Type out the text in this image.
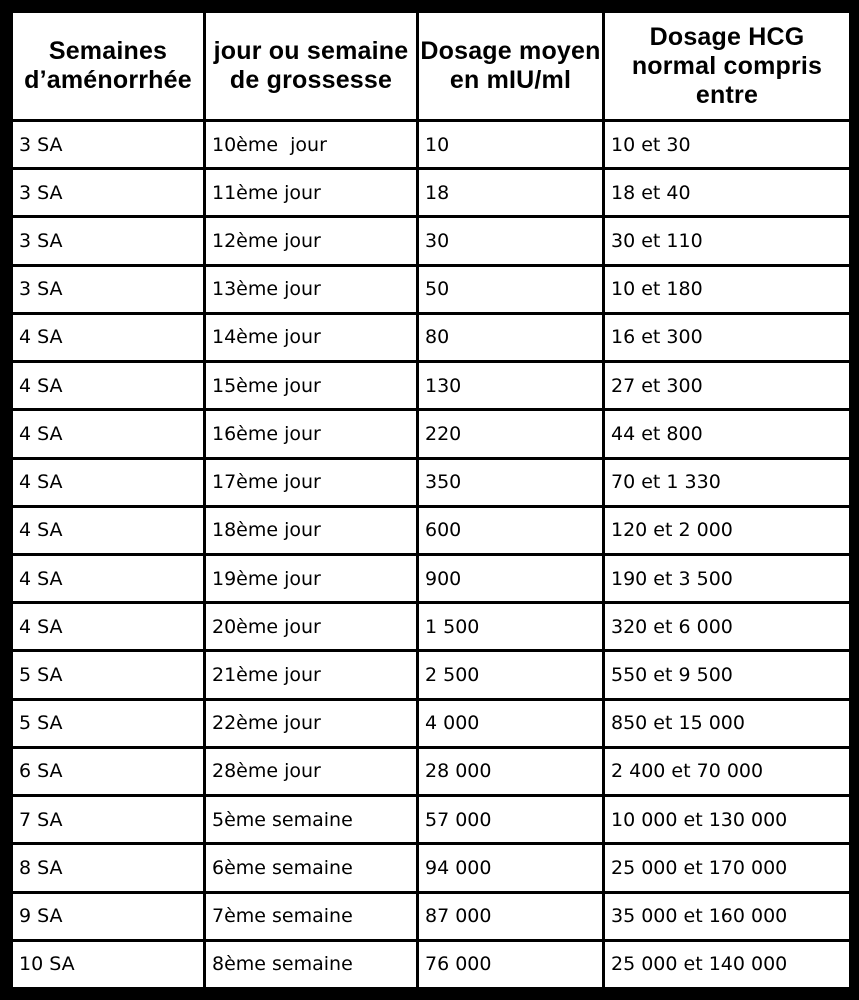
Semaines d’aménorrhée	jour ou semaine de grossesse	Dosage moyen en mIU/ml	Dosage HCG normal compris entre
3 SA	10ème  jour	10	10 et 30
3 SA	11ème jour	18	18 et 40
3 SA	12ème jour	30	30 et 110
3 SA	13ème jour	50	10 et 180
4 SA	14ème jour	80	16 et 300
4 SA	15ème jour	130	27 et 300
4 SA	16ème jour	220	44 et 800
4 SA	17ème jour	350	70 et 1 330
4 SA	18ème jour	600	120 et 2 000
4 SA	19ème jour	900	190 et 3 500
4 SA	20ème jour	1 500	320 et 6 000
5 SA	21ème jour	2 500	550 et 9 500
5 SA	22ème jour	4 000	850 et 15 000
6 SA	28ème jour	28 000	2 400 et 70 000
7 SA	5ème semaine	57 000	10 000 et 130 000
8 SA	6ème semaine	94 000	25 000 et 170 000
9 SA	7ème semaine	87 000	35 000 et 160 000
10 SA	8ème semaine	76 000	25 000 et 140 000
